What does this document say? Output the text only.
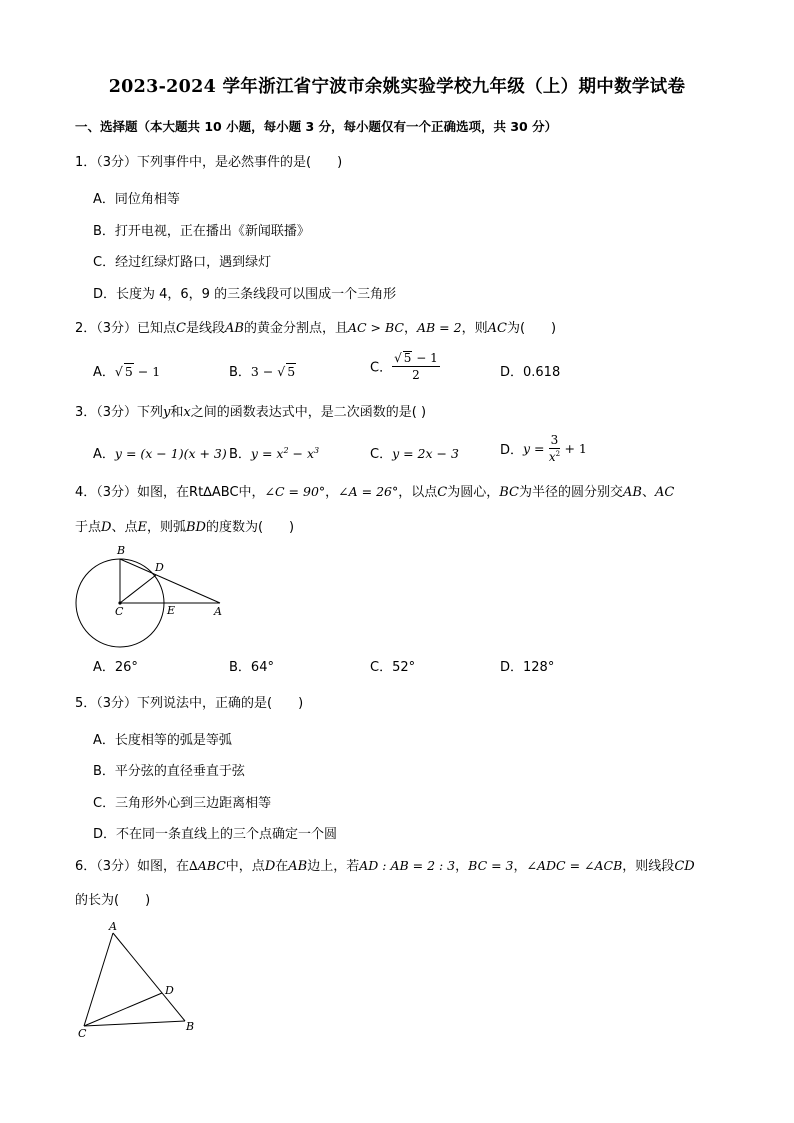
2023-2024 学年浙江省宁波市余姚实验学校九年级（上）期中数学试卷
一、选择题（本大题共 10 小题，每小题 3 分，每小题仅有一个正确选项，共 30 分）
1．（3分）下列事件中，是必然事件的是(　　)
A．同位角相等
B．打开电视，正在播出《新闻联播》
C．经过红绿灯路口，遇到绿灯
D．长度为 4，6，9 的三条线段可以围成一个三角形
2．（3分）已知点C是线段AB的黄金分割点，且AC > BC，AB = 2，则AC为(　　)
A．√ 5 − 1	B．3 − √ 5	C． $\frac{√ 5 - 1}{2}$	D．0.618
3．（3分）下列y和x之间的函数表达式中，是二次函数的是( )
A．y = (x − 1)(x + 3) B．$y = x^2 - x^3$	C．y = 2x − 3	D．$y = \frac{3}{x^2} + 1$
4．（3分）如图，在Rt∆ABC中，∠C = 90°，∠A = 26°，以点C为圆心，BC为半径的圆分别交AB、AC
于点D、点E，则弧BD的度数为(　　)
B
D
C	E	A
A．26°	B．64°	C．52°	D．128°
5．（3分）下列说法中，正确的是(　　)
A．长度相等的弧是等弧
B．平分弦的直径垂直于弦
C．三角形外心到三边距离相等
D．不在同一条直线上的三个点确定一个圆
6．（3分）如图，在∆ABC中，点D在AB边上，若AD : AB = 2 : 3，BC = 3，∠ADC = ∠ACB，则线段CD
的长为(　　)
A
D
C
B
